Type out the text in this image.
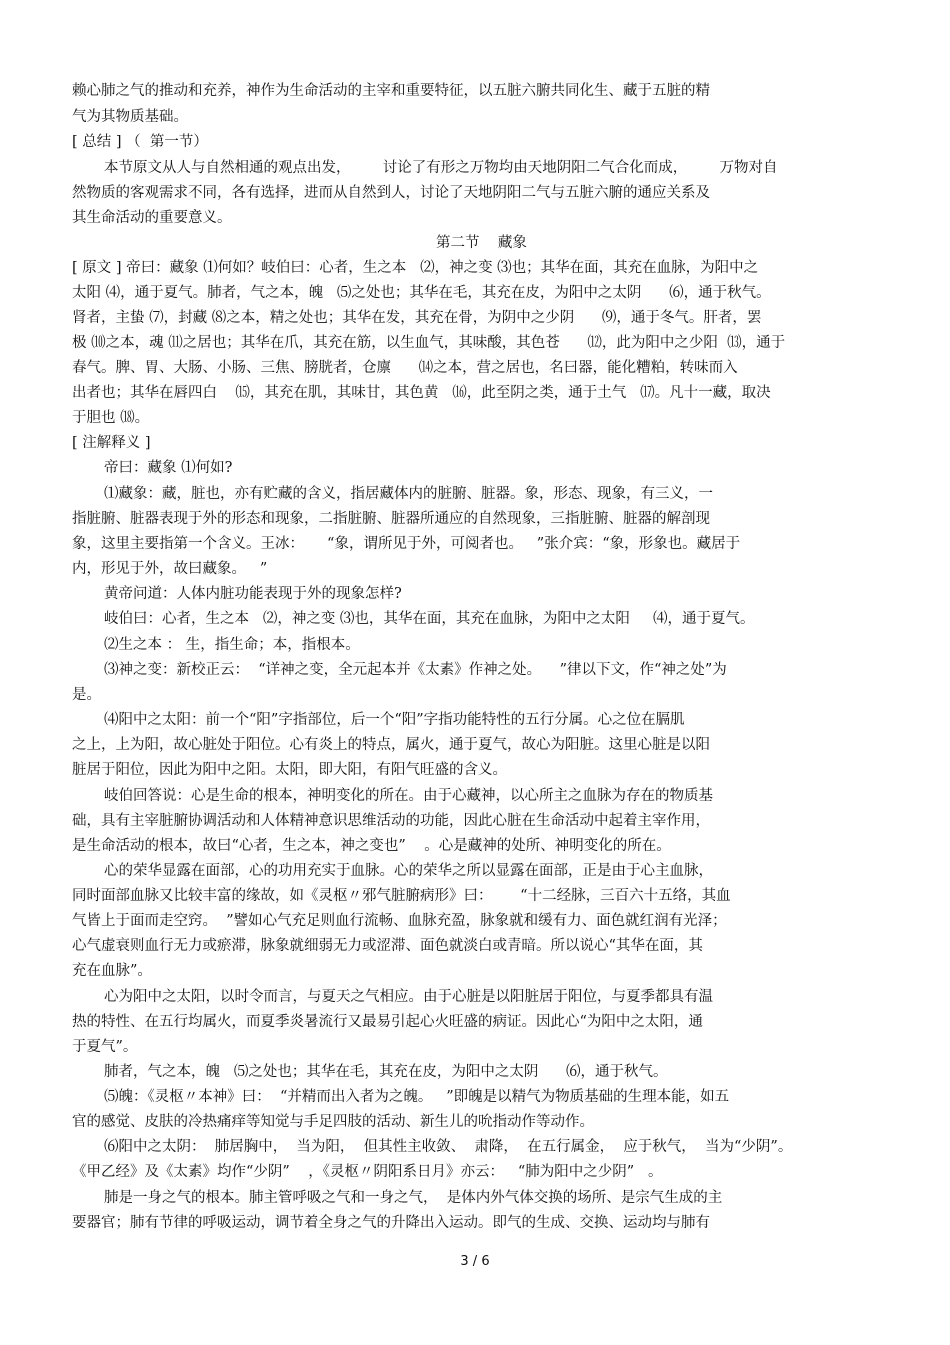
赖心肺之气的推动和充养，神作为生命活动的主宰和重要特征，以五脏六腑共同化生、藏于五脏的精
气为其物质基础。
[ 总结 ] （  第一节）
本节原文从人与自然相通的观点出发，       讨论了有形之万物均由天地阴阳二气合化而成，       万物对自
然物质的客观需求不同，各有选择，进而从自然到人，讨论了天地阴阳二气与五脏六腑的通应关系及
其生命活动的重要意义。
第二节    藏象
[ 原文 ] 帝曰：藏象 ⑴何如？岐伯曰：心者，生之本   ⑵，神之变 ⑶也；其华在面，其充在血脉，为阳中之
太阳 ⑷，通于夏气。肺者，气之本，魄   ⑸之处也；其华在毛，其充在皮，为阳中之太阴      ⑹，通于秋气。
肾者，主蛰 ⑺，封藏 ⑻之本，精之处也；其华在发，其充在骨，为阴中之少阴      ⑼，通于冬气。肝者，罢
极 ⑽之本，魂 ⑾之居也；其华在爪，其充在筋，以生血气，其味酸，其色苍      ⑿，此为阳中之少阳  ⒀，通于
春气。脾、胃、大肠、小肠、三焦、膀胱者，仓廪      ⒁之本，营之居也，名曰器，能化糟粕，转味而入
出者也；其华在唇四白    ⒂，其充在肌，其味甘，其色黄   ⒃，此至阴之类，通于土气   ⒄。凡十一藏，取决
于胆也 ⒅。
[ 注解释义 ]
帝曰：藏象 ⑴何如?
⑴藏象：藏，脏也，亦有贮藏的含义，指居藏体内的脏腑、脏器。象，形态、现象，有三义，一
指脏腑、脏器表现于外的形态和现象，二指脏腑、脏器所通应的自然现象，三指脏腑、脏器的解剖现
象，这里主要指第一个含义。王冰：     “象，谓所见于外，可阅者也。   ”张介宾：“象，形象也。藏居于
内，形见于外，故曰藏象。   ”
黄帝问道：人体内脏功能表现于外的现象怎样?
岐伯曰：心者，生之本   ⑵，神之变 ⑶也，其华在面，其充在血脉，为阳中之太阳     ⑷，通于夏气。
⑵生之本 ： 生，指生命；本，指根本。
⑶神之变：新校正云：  “详神之变，全元起本并《太素》作神之处。    ”律以下文，作“神之处”为
是。
⑷阳中之太阳：前一个“阳”字指部位，后一个“阳”字指功能特性的五行分属。心之位在膈肌
之上，上为阳，故心脏处于阳位。心有炎上的特点，属火，通于夏气，故心为阳脏。这里心脏是以阳
脏居于阳位，因此为阳中之阳。太阳，即大阳，有阳气旺盛的含义。
岐伯回答说：心是生命的根本，神明变化的所在。由于心藏神，以心所主之血脉为存在的物质基
础，具有主宰脏腑协调活动和人体精神意识思维活动的功能，因此心脏在生命活动中起着主宰作用，
是生命活动的根本，故曰“心者，生之本，神之变也”    。心是藏神的处所、神明变化的所在。
心的荣华显露在面部，心的功用充实于血脉。心的荣华之所以显露在面部，正是由于心主血脉，
同时面部血脉又比较丰富的缘故，如《灵枢〃邪气脏腑病形》曰：      “十二经脉，三百六十五络，其血
气皆上于面而走空窍。  ”譬如心气充足则血行流畅、血脉充盈，脉象就和缓有力、面色就红润有光泽；
心气虚衰则血行无力或瘀滞，脉象就细弱无力或涩滞、面色就淡白或青暗。所以说心“其华在面，其
充在血脉”。
心为阳中之太阳，以时令而言，与夏天之气相应。由于心脏是以阳脏居于阳位，与夏季都具有温
热的特性、在五行均属火，而夏季炎暑流行又最易引起心火旺盛的病证。因此心“为阳中之太阳，通
于夏气”。
肺者，气之本，魄   ⑸之处也；其华在毛，其充在皮，为阳中之太阴      ⑹，通于秋气。
⑸魄：《灵枢〃本神》曰：  “并精而出入者为之魄。   ”即魄是以精气为物质基础的生理本能，如五
官的感觉、皮肤的冷热痛痒等知觉与手足四肢的活动、新生儿的吮指动作等动作。
⑹阳中之太阴：  肺居胸中，  当为阳，  但其性主收敛、  肃降，  在五行属金，  应于秋气，  当为“少阴”。
《甲乙经》及《太素》均作“少阴”    ，《灵枢〃阴阳系日月》亦云：   “肺为阳中之少阴”   。
肺是一身之气的根本。肺主管呼吸之气和一身之气，  是体内外气体交换的场所、是宗气生成的主
要器官；肺有节律的呼吸运动，调节着全身之气的升降出入运动。即气的生成、交换、运动均与肺有
3 / 6
